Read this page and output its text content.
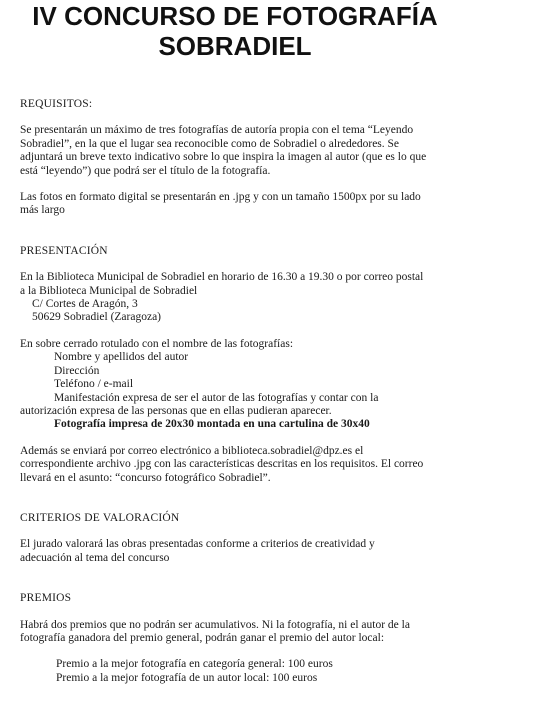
IV CONCURSO DE FOTOGRAFÍA
SOBRADIEL

REQUISITOS:

Se presentarán un máximo de tres fotografías de autoría propia con el tema “Leyendo

Sobradiel”, en la que el lugar sea reconocible como de Sobradiel o alrededores. Se

adjuntará un breve texto indicativo sobre lo que inspira la imagen al autor (que es lo que

está “leyendo”) que podrá ser el título de la fotografía.

Las fotos en formato digital se presentarán en .jpg y con un tamaño 1500px por su lado

más largo

PRESENTACIÓN

En la Biblioteca Municipal de Sobradiel en horario de 16.30 a 19.30 o por correo postal

a la Biblioteca Municipal de Sobradiel

C/ Cortes de Aragón, 3

50629 Sobradiel (Zaragoza)

En sobre cerrado rotulado con el nombre de las fotografías:

Nombre y apellidos del autor

Dirección

Teléfono / e-mail

Manifestación expresa de ser el autor de las fotografías y contar con la

autorización expresa de las personas que en ellas pudieran aparecer.

Fotografía impresa de 20x30 montada en una cartulina de 30x40

Además se enviará por correo electrónico a biblioteca.sobradiel@dpz.es el

correspondiente archivo .jpg con las características descritas en los requisitos. El correo

llevará en el asunto: “concurso fotográfico Sobradiel”.

CRITERIOS DE VALORACIÓN

El jurado valorará las obras presentadas conforme a criterios de creatividad y

adecuación al tema del concurso

PREMIOS

Habrá dos premios que no podrán ser acumulativos. Ni la fotografía, ni el autor de la

fotografía ganadora del premio general, podrán ganar el premio del autor local:

Premio a la mejor fotografía en categoría general: 100 euros

Premio a la mejor fotografía de un autor local: 100 euros
